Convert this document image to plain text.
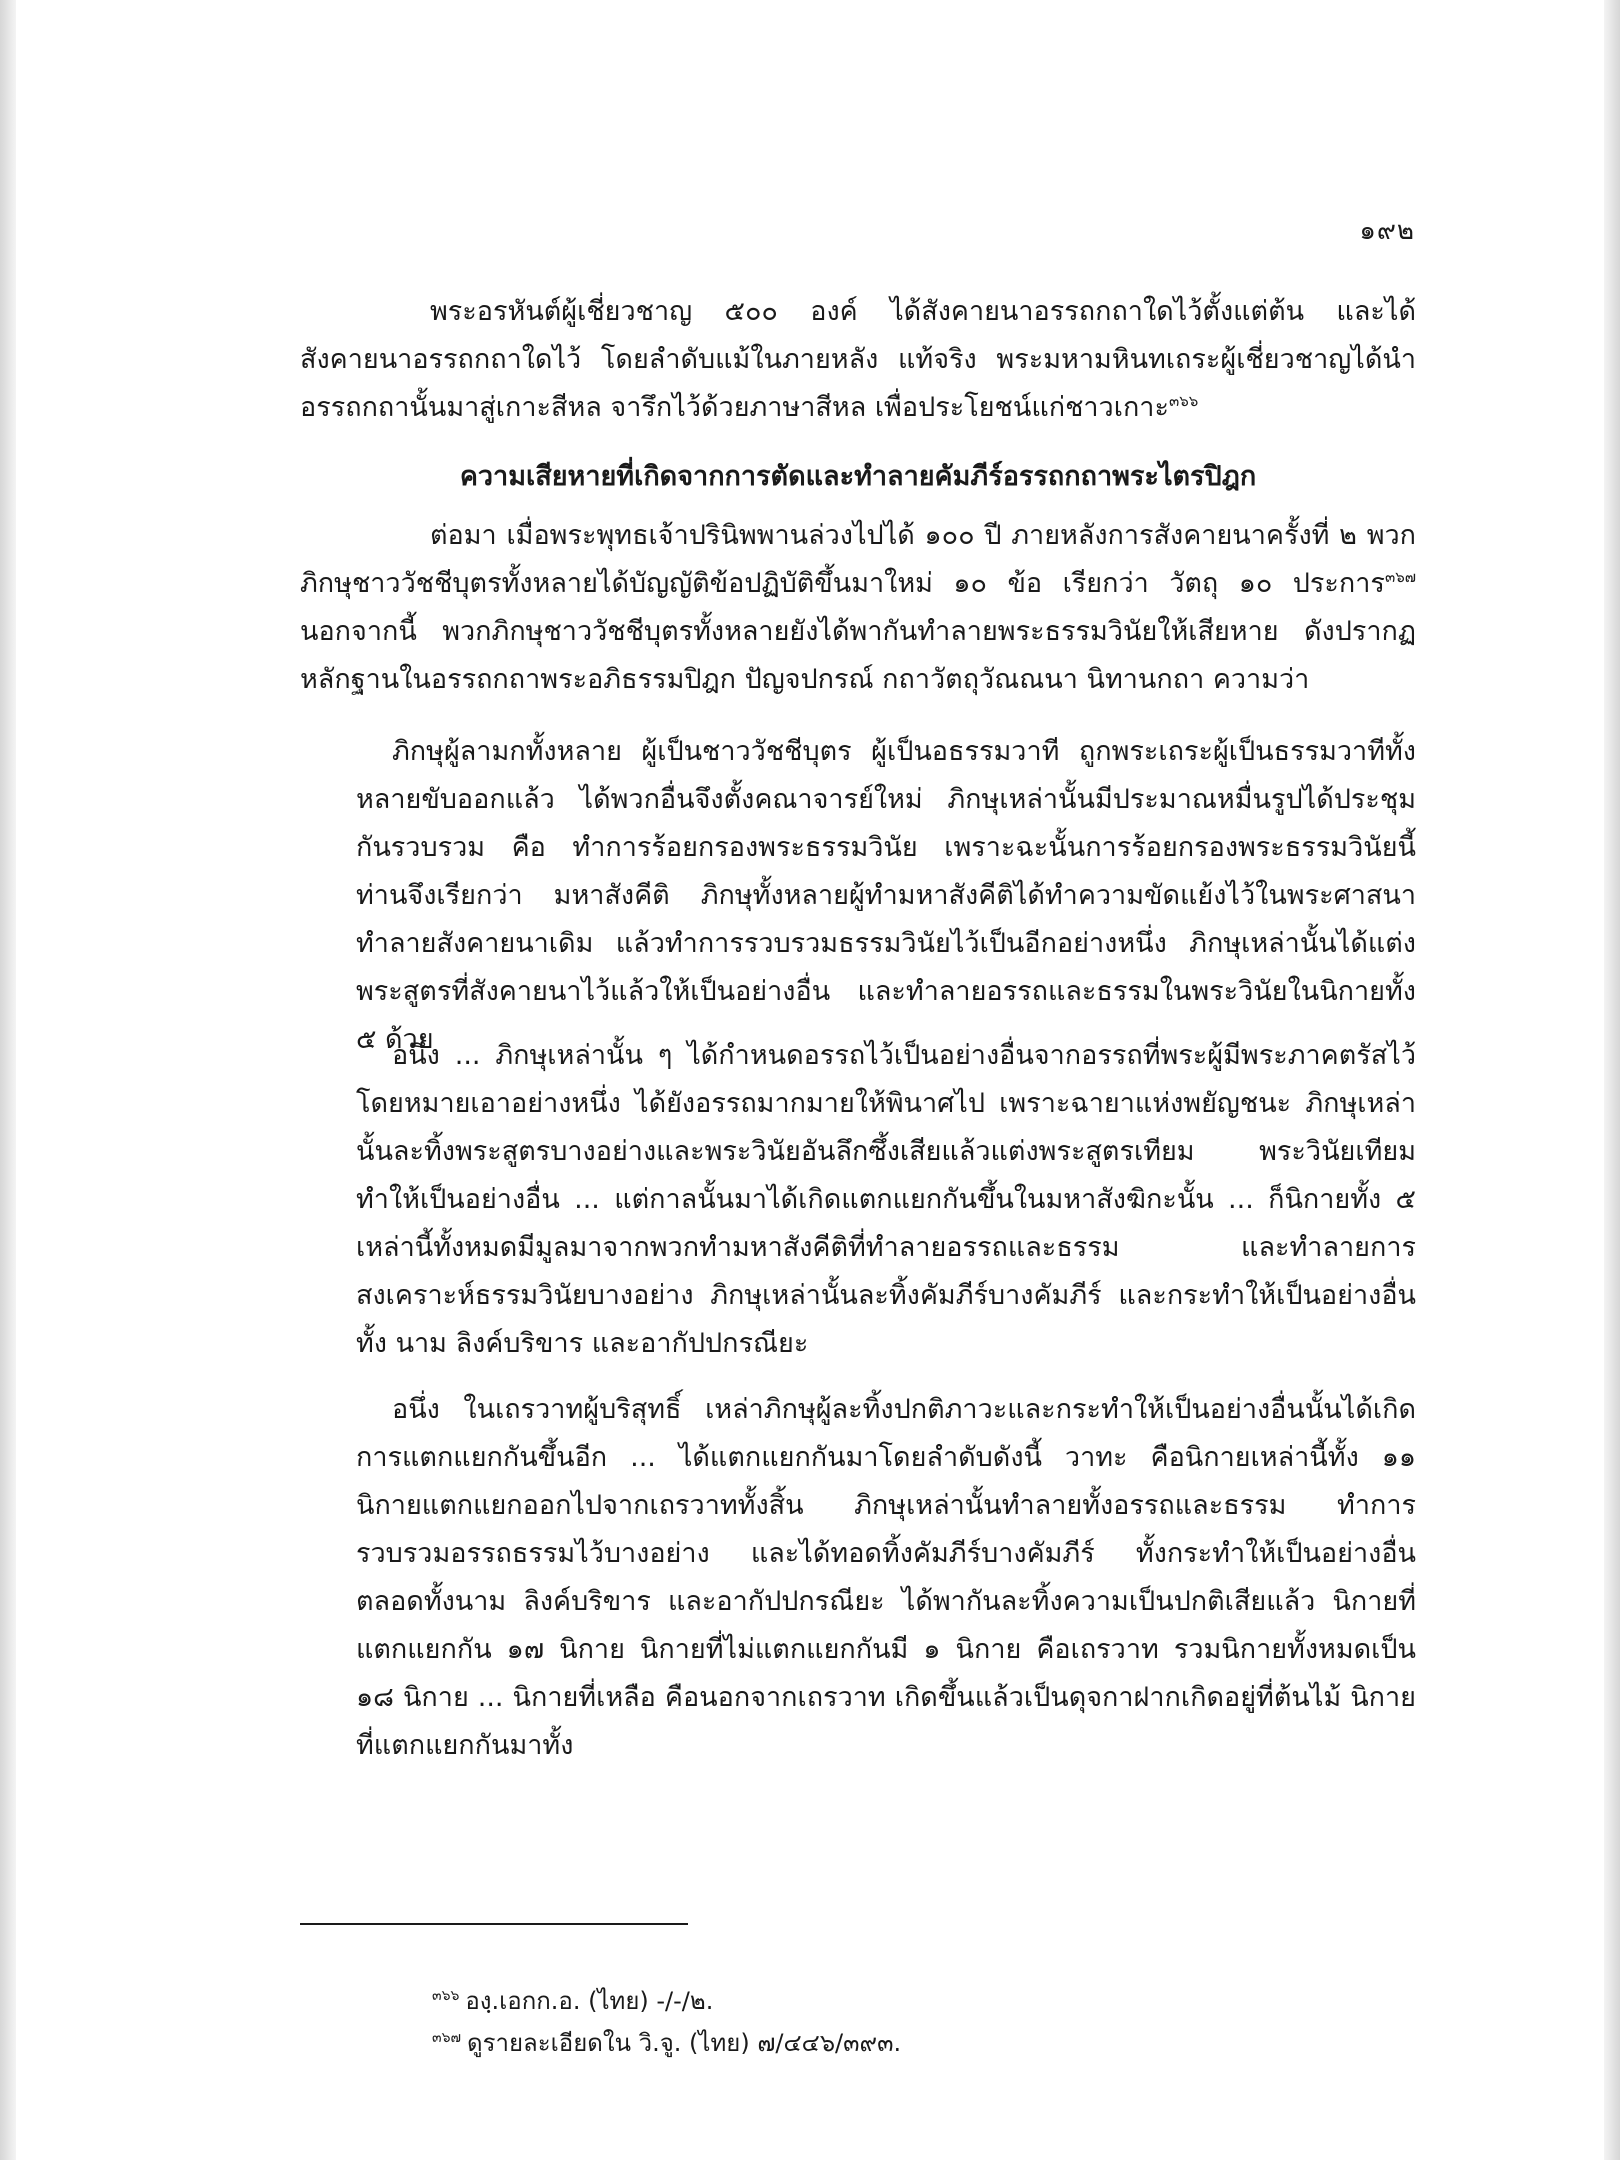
๑๙๒

พระอรหันต์ผู้เชี่ยวชาญ ๕๐๐ องค์ ได้สังคายนาอรรถกถาใดไว้ตั้งแต่ต้น และได้สังคายนาอรรถกถาใดไว้ โดยลำดับแม้ในภายหลัง แท้จริง พระมหามหินทเถระผู้เชี่ยวชาญได้นำอรรถกถานั้นมาสู่เกาะสีหล จารึกไว้ด้วยภาษาสีหล เพื่อประโยชน์แก่ชาวเกาะ$^{๓๖๖}$

ความเสียหายที่เกิดจากการตัดและทำลายคัมภีร์อรรถกถาพระไตรปิฎก

ต่อมา เมื่อพระพุทธเจ้าปรินิพพานล่วงไปได้ ๑๐๐ ปี ภายหลังการสังคายนาครั้งที่ ๒ พวกภิกษุชาววัชชีบุตรทั้งหลายได้บัญญัติข้อปฏิบัติขึ้นมาใหม่ ๑๐ ข้อ เรียกว่า วัตถุ ๑๐ ประการ$^{๓๖๗}$ นอกจากนี้ พวกภิกษุชาววัชชีบุตรทั้งหลายยังได้พากันทำลายพระธรรมวินัยให้เสียหาย ดังปรากฏหลักฐานในอรรถกถาพระอภิธรรมปิฎก ปัญจปกรณ์ กถาวัตถุวัณณนา นิทานกถา ความว่า

ภิกษุผู้ลามกทั้งหลาย ผู้เป็นชาววัชชีบุตร ผู้เป็นอธรรมวาที ถูกพระเถระผู้เป็นธรรมวาทีทั้งหลายขับออกแล้ว ได้พวกอื่นจึงตั้งคณาจารย์ใหม่ ภิกษุเหล่านั้นมีประมาณหมื่นรูปได้ประชุมกันรวบรวม คือ ทำการร้อยกรองพระธรรมวินัย เพราะฉะนั้นการร้อยกรองพระธรรมวินัยนี้ ท่านจึงเรียกว่า มหาสังคีติ ภิกษุทั้งหลายผู้ทำมหาสังคีติได้ทำความขัดแย้งไว้ในพระศาสนา ทำลายสังคายนาเดิม แล้วทำการรวบรวมธรรมวินัยไว้เป็นอีกอย่างหนึ่ง ภิกษุเหล่านั้นได้แต่งพระสูตรที่สังคายนาไว้แล้วให้เป็นอย่างอื่น และทำลายอรรถและธรรมในพระวินัยในนิกายทั้ง ๕ ด้วย

อนึ่ง ... ภิกษุเหล่านั้น ๆ ได้กำหนดอรรถไว้เป็นอย่างอื่นจากอรรถที่พระผู้มีพระภาคตรัสไว้โดยหมายเอาอย่างหนึ่ง ได้ยังอรรถมากมายให้พินาศไป เพราะฉายาแห่งพยัญชนะ ภิกษุเหล่านั้นละทิ้งพระสูตรบางอย่างและพระวินัยอันลึกซึ้งเสียแล้วแต่งพระสูตรเทียม พระวินัยเทียมทำให้เป็นอย่างอื่น ... แต่กาลนั้นมาได้เกิดแตกแยกกันขึ้นในมหาสังฆิกะนั้น ... ก็นิกายทั้ง ๕ เหล่านี้ทั้งหมดมีมูลมาจากพวกทำมหาสังคีติที่ทำลายอรรถและธรรม และทำลายการสงเคราะห์ธรรมวินัยบางอย่าง ภิกษุเหล่านั้นละทิ้งคัมภีร์บางคัมภีร์ และกระทำให้เป็นอย่างอื่นทั้ง นาม ลิงค์บริขาร และอากัปปกรณียะ

อนึ่ง ในเถรวาทผู้บริสุทธิ์ เหล่าภิกษุผู้ละทิ้งปกติภาวะและกระทำให้เป็นอย่างอื่นนั้นได้เกิดการแตกแยกกันขึ้นอีก ... ได้แตกแยกกันมาโดยลำดับดังนี้ วาทะ คือนิกายเหล่านี้ทั้ง ๑๑ นิกายแตกแยกออกไปจากเถรวาททั้งสิ้น ภิกษุเหล่านั้นทำลายทั้งอรรถและธรรม ทำการรวบรวมอรรถธรรมไว้บางอย่าง และได้ทอดทิ้งคัมภีร์บางคัมภีร์ ทั้งกระทำให้เป็นอย่างอื่น ตลอดทั้งนาม ลิงค์บริขาร และอากัปปกรณียะ ได้พากันละทิ้งความเป็นปกติเสียแล้ว นิกายที่แตกแยกกัน ๑๗ นิกาย นิกายที่ไม่แตกแยกกันมี ๑ นิกาย คือเถรวาท รวมนิกายทั้งหมดเป็น ๑๘ นิกาย ... นิกายที่เหลือ คือนอกจากเถรวาท เกิดขึ้นแล้วเป็นดุจกาฝากเกิดอยู่ที่ต้นไม้ นิกายที่แตกแยกกันมาทั้ง

$^{๓๖๖}$ องฺ.เอกก.อ. (ไทย) -/-/๒.
$^{๓๖๗}$ ดูรายละเอียดใน วิ.จู. (ไทย) ๗/๔๔๖/๓๙๓.
